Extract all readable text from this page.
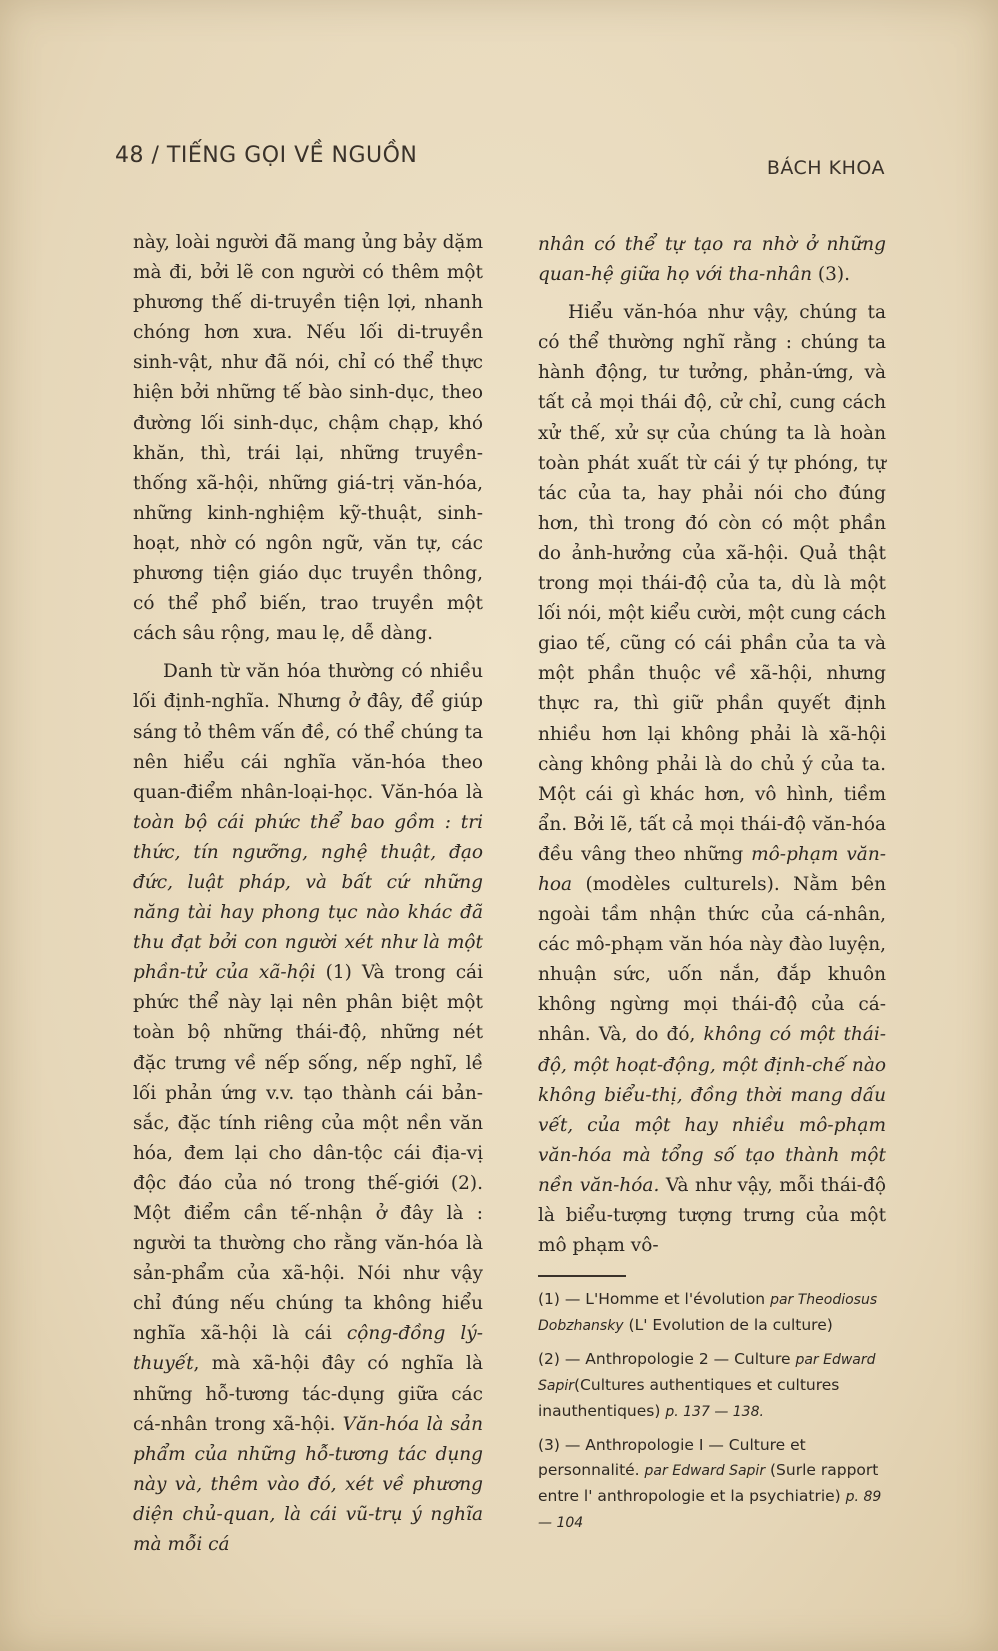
48 / TIẾNG GỌI VỀ NGUỒN	BÁCH KHOA

này, loài người đã mang ủng bảy dặm mà đi, bởi lẽ con người có thêm một phương thế di-truyền tiện lợi, nhanh chóng hơn xưa. Nếu lối di-truyền sinh-vật, như đã nói, chỉ có thể thực hiện bởi những tế bào sinh-dục, theo đường lối sinh-dục, chậm chạp, khó khăn, thì, trái lại, những truyền-thống xã-hội, những giá-trị văn-hóa, những kinh-nghiệm kỹ-thuật, sinh-hoạt, nhờ có ngôn ngữ, văn tự, các phương tiện giáo dục truyền thông, có thể phổ biến, trao truyền một cách sâu rộng, mau lẹ, dễ dàng.

Danh từ văn hóa thường có nhiều lối định-nghĩa. Nhưng ở đây, để giúp sáng tỏ thêm vấn đề, có thể chúng ta nên hiểu cái nghĩa văn-hóa theo quan-điểm nhân-loại-học. Văn-hóa là toàn bộ cái phức thể bao gồm : tri thức, tín ngưỡng, nghệ thuật, đạo đức, luật pháp, và bất cứ những năng tài hay phong tục nào khác đã thu đạt bởi con người xét như là một phần-tử của xã-hội (1) Và trong cái phức thể này lại nên phân biệt một toàn bộ những thái-độ, những nét đặc trưng về nếp sống, nếp nghĩ, lề lối phản ứng v.v. tạo thành cái bản-sắc, đặc tính riêng của một nền văn hóa, đem lại cho dân-tộc cái địa-vị độc đáo của nó trong thế-giới (2). Một điểm cần tế-nhận ở đây là : người ta thường cho rằng văn-hóa là sản-phẩm của xã-hội. Nói như vậy chỉ đúng nếu chúng ta không hiểu nghĩa xã-hội là cái cộng-đồng lý-thuyết, mà xã-hội đây có nghĩa là những hỗ-tương tác-dụng giữa các cá-nhân trong xã-hội. Văn-hóa là sản phẩm của những hỗ-tương tác dụng này và, thêm vào đó, xét về phương diện chủ-quan, là cái vũ-trụ ý nghĩa mà mỗi cá

nhân có thể tự tạo ra nhờ ở những quan-hệ giữa họ với tha-nhân (3).

Hiểu văn-hóa như vậy, chúng ta có thể thường nghĩ rằng : chúng ta hành động, tư tưởng, phản-ứng, và tất cả mọi thái độ, cử chỉ, cung cách xử thế, xử sự của chúng ta là hoàn toàn phát xuất từ cái ý tự phóng, tự tác của ta, hay phải nói cho đúng hơn, thì trong đó còn có một phần do ảnh-hưởng của xã-hội. Quả thật trong mọi thái-độ của ta, dù là một lối nói, một kiểu cười, một cung cách giao tế, cũng có cái phần của ta và một phần thuộc về xã-hội, nhưng thực ra, thì giữ phần quyết định nhiều hơn lại không phải là xã-hội càng không phải là do chủ ý của ta. Một cái gì khác hơn, vô hình, tiềm ẩn. Bởi lẽ, tất cả mọi thái-độ văn-hóa đều vâng theo những mô-phạm văn-hoa (modèles culturels). Nằm bên ngoài tầm nhận thức của cá-nhân, các mô-phạm văn hóa này đào luyện, nhuận sức, uốn nắn, đắp khuôn không ngừng mọi thái-độ của cá-nhân. Và, do đó, không có một thái-độ, một hoạt-động, một định-chế nào không biểu-thị, đồng thời mang dấu vết, của một hay nhiều mô-phạm văn-hóa mà tổng số tạo thành một nền văn-hóa. Và như vậy, mỗi thái-độ là biểu-tượng tượng trưng của một mô phạm vô-

(1) — L'Homme et l'évolution par Theodiosus Dobzhansky (L' Evolution de la culture)

(2) — Anthropologie 2 — Culture par Edward Sapir(Cultures authentiques et cultures inauthentiques) p. 137 — 138.

(3) — Anthropologie I — Culture et personnalité. par Edward Sapir (Surle rapport entre l' anthropologie et la psychiatrie) p. 89 — 104
